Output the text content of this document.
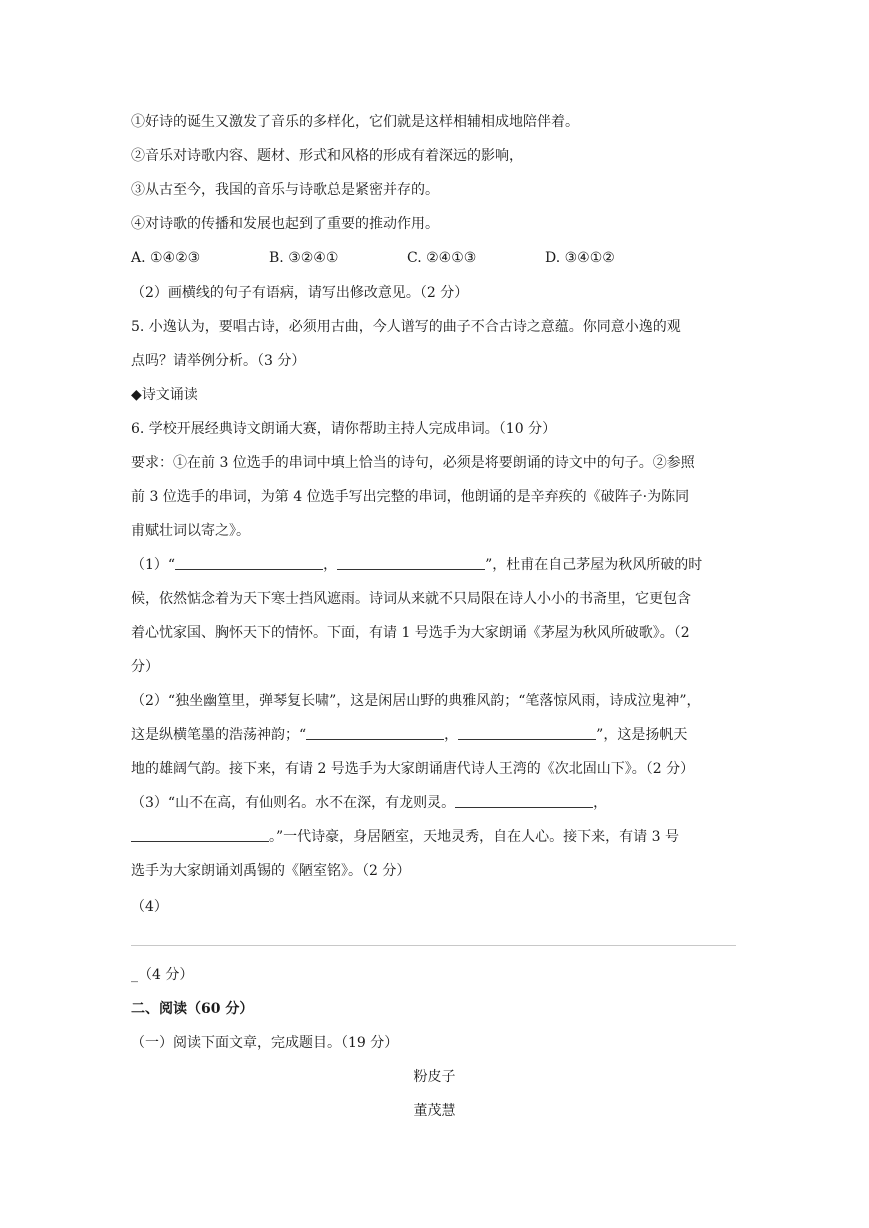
①好诗的诞生又激发了音乐的多样化，它们就是这样相辅相成地陪伴着。
②音乐对诗歌内容、题材、形式和风格的形成有着深远的影响，
③从古至今，我国的音乐与诗歌总是紧密并存的。
④对诗歌的传播和发展也起到了重要的推动作用。
A. ①④②③	B. ③②④①	C. ②④①③	D. ③④①②
（2）画横线的句子有语病，请写出修改意见。（2 分）
5. 小逸认为，要唱古诗，必须用古曲，今人谱写的曲子不合古诗之意蕴。你同意小逸的观
点吗？请举例分析。（3 分）
◆诗文诵读
6. 学校开展经典诗文朗诵大赛，请你帮助主持人完成串词。（10 分）
要求：①在前 3 位选手的串词中填上恰当的诗句，必须是将要朗诵的诗文中的句子。②参照
前 3 位选手的串词，为第 4 位选手写出完整的串词，他朗诵的是辛弃疾的《破阵子·为陈同
甫赋壮词以寄之》。
（1）“	，	”，杜甫在自己茅屋为秋风所破的时
候，依然惦念着为天下寒士挡风遮雨。诗词从来就不只局限在诗人小小的书斋里，它更包含
着心忧家国、胸怀天下的情怀。下面，有请 1 号选手为大家朗诵《茅屋为秋风所破歌》。（2
分）
（2）“独坐幽篁里，弹琴复长啸”，这是闲居山野的典雅风韵；“笔落惊风雨，诗成泣鬼神”，
这是纵横笔墨的浩荡神韵；“	，	”，这是扬帆天
地的雄阔气韵。接下来，有请 2 号选手为大家朗诵唐代诗人王湾的《次北固山下》。（2 分）
（3）“山不在高，有仙则名。水不在深，有龙则灵。	，
。”一代诗豪，身居陋室，天地灵秀，自在人心。接下来，有请 3 号
选手为大家朗诵刘禹锡的《陋室铭》。（2 分）
（4）
_（4 分）
二、阅读（60 分）
（一）阅读下面文章，完成题目。（19 分）
粉皮子
董茂慧
